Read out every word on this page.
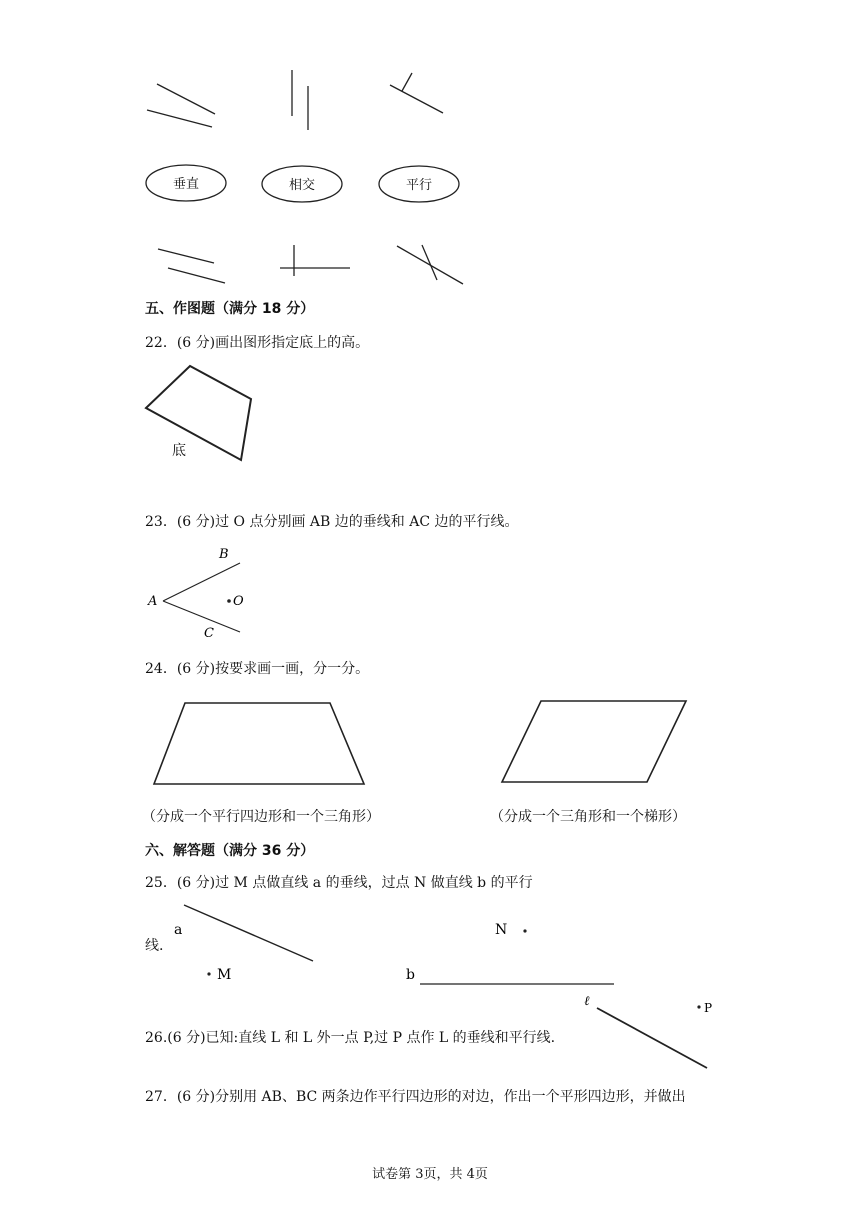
垂直	相交	平行
底
A
B
C
O
a
M
N
b
ℓ	P
五、作图题（满分 18 分）
22．(6 分)画出图形指定底上的高。
23．(6 分)过 O 点分别画 AB 边的垂线和 AC 边的平行线。
24．(6 分)按要求画一画，分一分。
（分成一个平行四边形和一个三角形）	（分成一个三角形和一个梯形）
六、解答题（满分 36 分）
25．(6 分)过 M 点做直线 a 的垂线，过点 N 做直线 b 的平行
线.
26.(6 分)已知:直线 L 和 L 外一点 P,过 P 点作 L 的垂线和平行线.
27．(6 分)分别用 AB、BC 两条边作平行四边形的对边，作出一个平形四边形，并做出
试卷第 3页，共 4页
